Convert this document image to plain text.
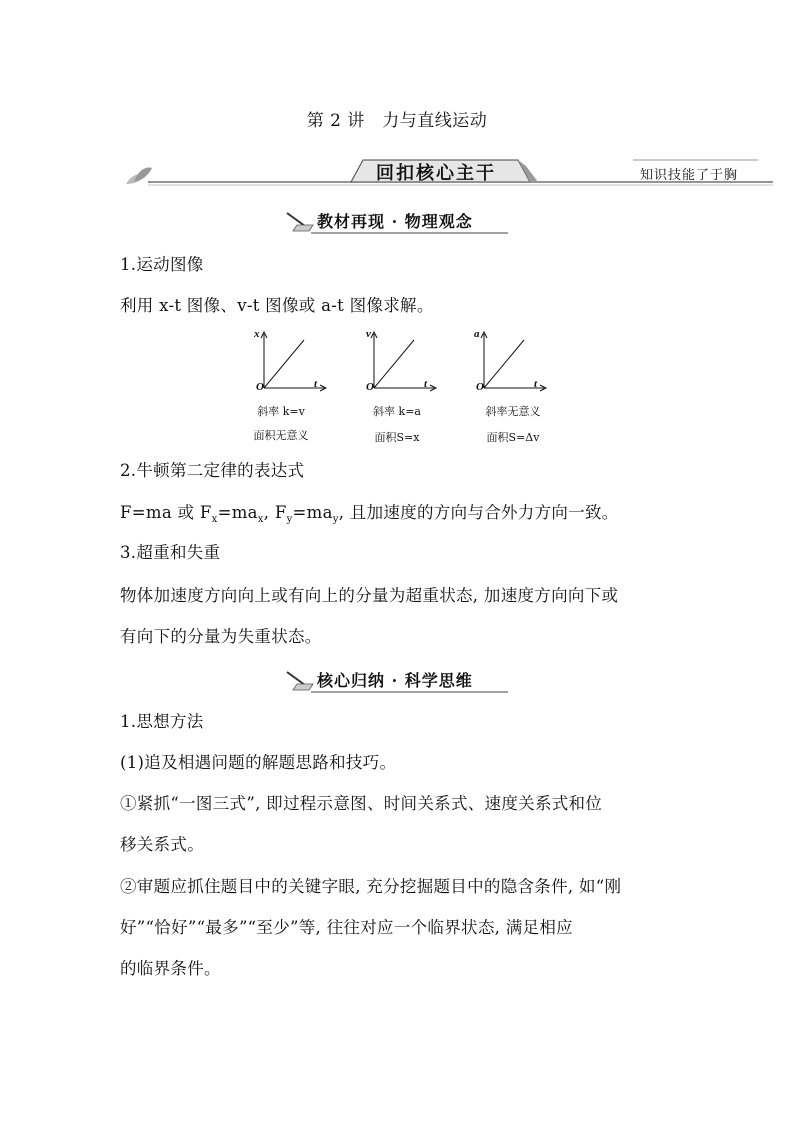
第 2 讲　力与直线运动
回扣核心主干	知识技能了于胸
教材再现 · 物理观念
1.运动图像
利用 x-t 图像、v-t 图像或 a-t 图像求解。
x
t
O
斜率 k=v
面积无意义
v
t
O
斜率 k=a
面积S=x
a
t
O
斜率无意义
面积S=Δv
2.牛顿第二定律的表达式
F=ma 或 $F_x=ma_x$, $F_y=ma_y$, 且加速度的方向与合外力方向一致。
3.超重和失重
物体加速度方向向上或有向上的分量为超重状态, 加速度方向向下或
有向下的分量为失重状态。
核心归纳 · 科学思维
1.思想方法
(1)追及相遇问题的解题思路和技巧。
①紧抓“一图三式”, 即过程示意图、时间关系式、速度关系式和位
移关系式。
②审题应抓住题目中的关键字眼, 充分挖掘题目中的隐含条件, 如“刚
好”“恰好”“最多”“至少”等, 往往对应一个临界状态, 满足相应
的临界条件。
